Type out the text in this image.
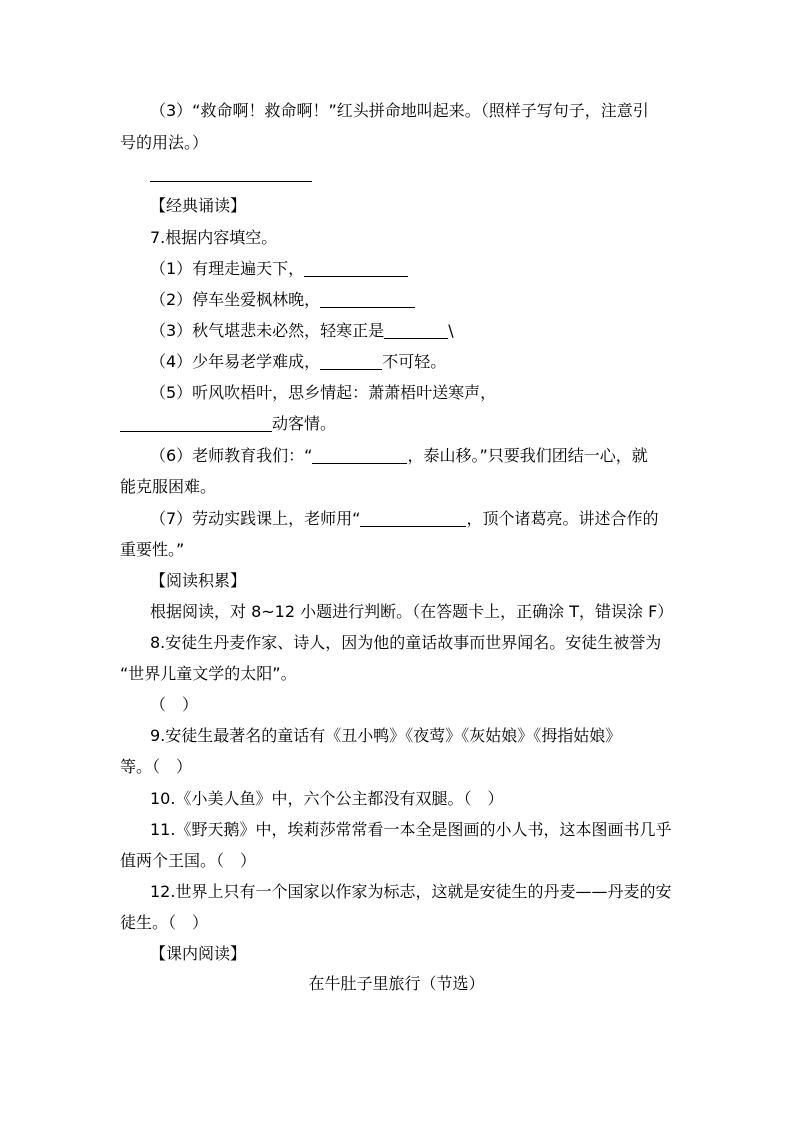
（3）“救命啊！救命啊！”红头拼命地叫起来。（照样子写句子，注意引
号的用法。）
【经典诵读】
7.根据内容填空。
（1）有理走遍天下，
（2）停车坐爱枫林晚，
（3）秋气堪悲未必然，轻寒正是	\
（4）少年易老学难成，	不可轻。
（5）听风吹梧叶，思乡情起：萧萧梧叶送寒声，
动客情。
（6）老师教育我们：“	，泰山移。”只要我们团结一心，就
能克服困难。
（7）劳动实践课上，老师用“	，顶个诸葛亮。讲述合作的
重要性。”
【阅读积累】
根据阅读，对 8~12 小题进行判断。（在答题卡上，正确涂 T，错误涂 F）
8.安徒生丹麦作家、诗人，因为他的童话故事而世界闻名。安徒生被誉为
“世界儿童文学的太阳”。
（　）
9.安徒生最著名的童话有《丑小鸭》《夜莺》《灰姑娘》《拇指姑娘》
等。（　）
10.《小美人鱼》中，六个公主都没有双腿。（　）
11.《野天鹅》中，埃莉莎常常看一本全是图画的小人书，这本图画书几乎
值两个王国。（　）
12.世界上只有一个国家以作家为标志，这就是安徒生的丹麦——丹麦的安
徒生。（　）
【课内阅读】
在牛肚子里旅行（节选）
